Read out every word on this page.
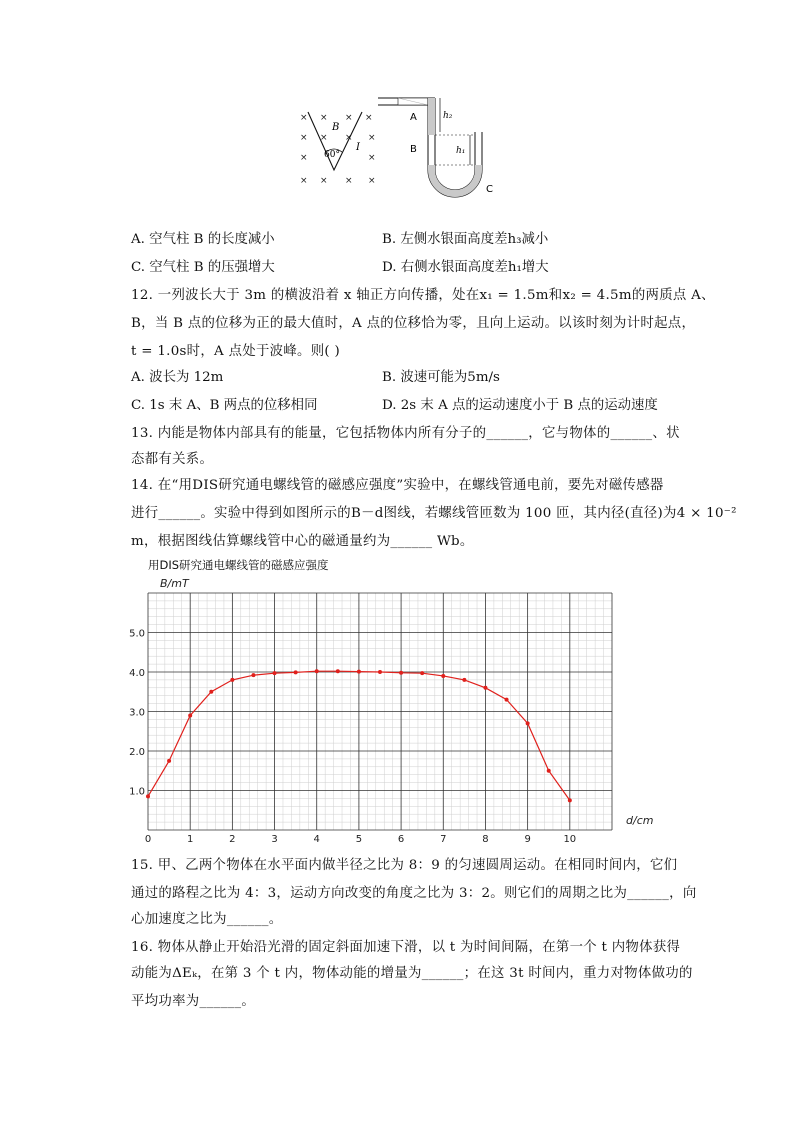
× × × ×
× × × ×
×	×
× × × ×
B
I
60°
A
B
C
h₂
h₁
A. 空气柱 B 的长度减小	B. 左侧水银面高度差h₃减小
C. 空气柱 B 的压强增大	D. 右侧水银面高度差h₁增大
12. 一列波长大于 3m 的横波沿着 x 轴正方向传播，处在x₁ = 1.5m和x₂ = 4.5m的两质点 A、
B，当 B 点的位移为正的最大值时，A 点的位移恰为零，且向上运动。以该时刻为计时起点，
t = 1.0s时，A 点处于波峰。则( )
A. 波长为 12m	B. 波速可能为5m/s
C. 1s 末 A、B 两点的位移相同	D. 2s 末 A 点的运动速度小于 B 点的运动速度
13. 内能是物体内部具有的能量，它包括物体内所有分子的______，它与物体的______、状
态都有关系。
14. 在“用DIS研究通电螺线管的磁感应强度”实验中，在螺线管通电前，要先对磁传感器
进行______。实验中得到如图所示的B－d图线，若螺线管匝数为 100 匝，其内径(直径)为4 × 10⁻²
m，根据图线估算螺线管中心的磁通量约为______ Wb。
用DIS研究通电螺线管的磁感应强度
0	1	2	3	4	5	6	7	8	9	10
1.0
2.0
3.0
4.0
5.0
B/mT
d/cm
15. 甲、乙两个物体在水平面内做半径之比为 8：9 的匀速圆周运动。在相同时间内，它们
通过的路程之比为 4：3，运动方向改变的角度之比为 3：2。则它们的周期之比为______，向
心加速度之比为______。
16. 物体从静止开始沿光滑的固定斜面加速下滑，以 t 为时间间隔，在第一个 t 内物体获得
动能为ΔEₖ，在第 3 个 t 内，物体动能的增量为______；在这 3t 时间内，重力对物体做功的
平均功率为______。
